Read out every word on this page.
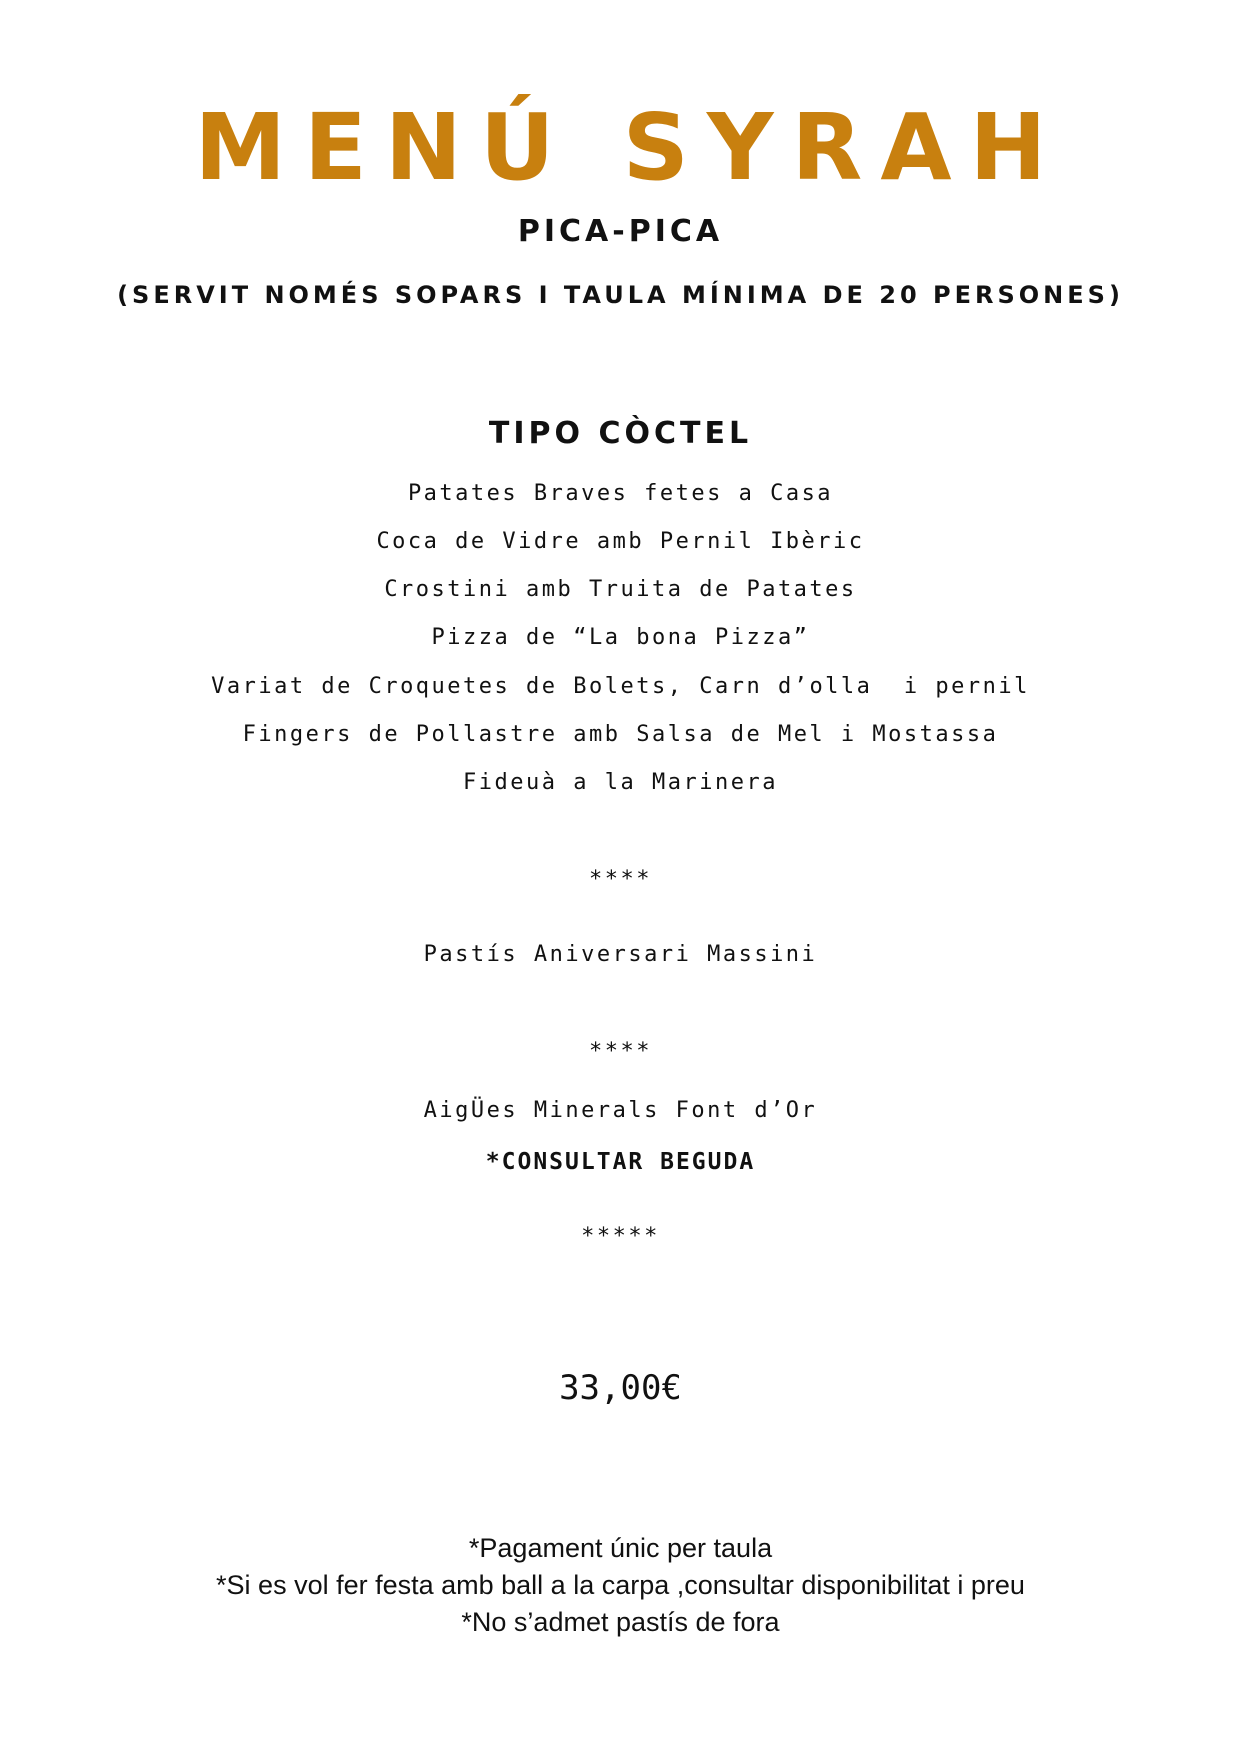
MENÚ SYRAH
PICA-PICA
(SERVIT NOMÉS SOPARS I TAULA MÍNIMA DE 20 PERSONES)
TIPO CÒCTEL
Patates Braves fetes a Casa
Coca de Vidre amb Pernil Ibèric
Crostini amb Truita de Patates
Pizza de “La bona Pizza”
Variat de Croquetes de Bolets, Carn d’olla  i pernil
Fingers de Pollastre amb Salsa de Mel i Mostassa
Fideuà a la Marinera
****
Pastís Aniversari Massini
****
AigÜes Minerals Font d’Or
*CONSULTAR BEGUDA
*****
33,00€
*Pagament únic per taula
*Si es vol fer festa amb ball a la carpa ,consultar disponibilitat i preu
*No s’admet pastís de fora
